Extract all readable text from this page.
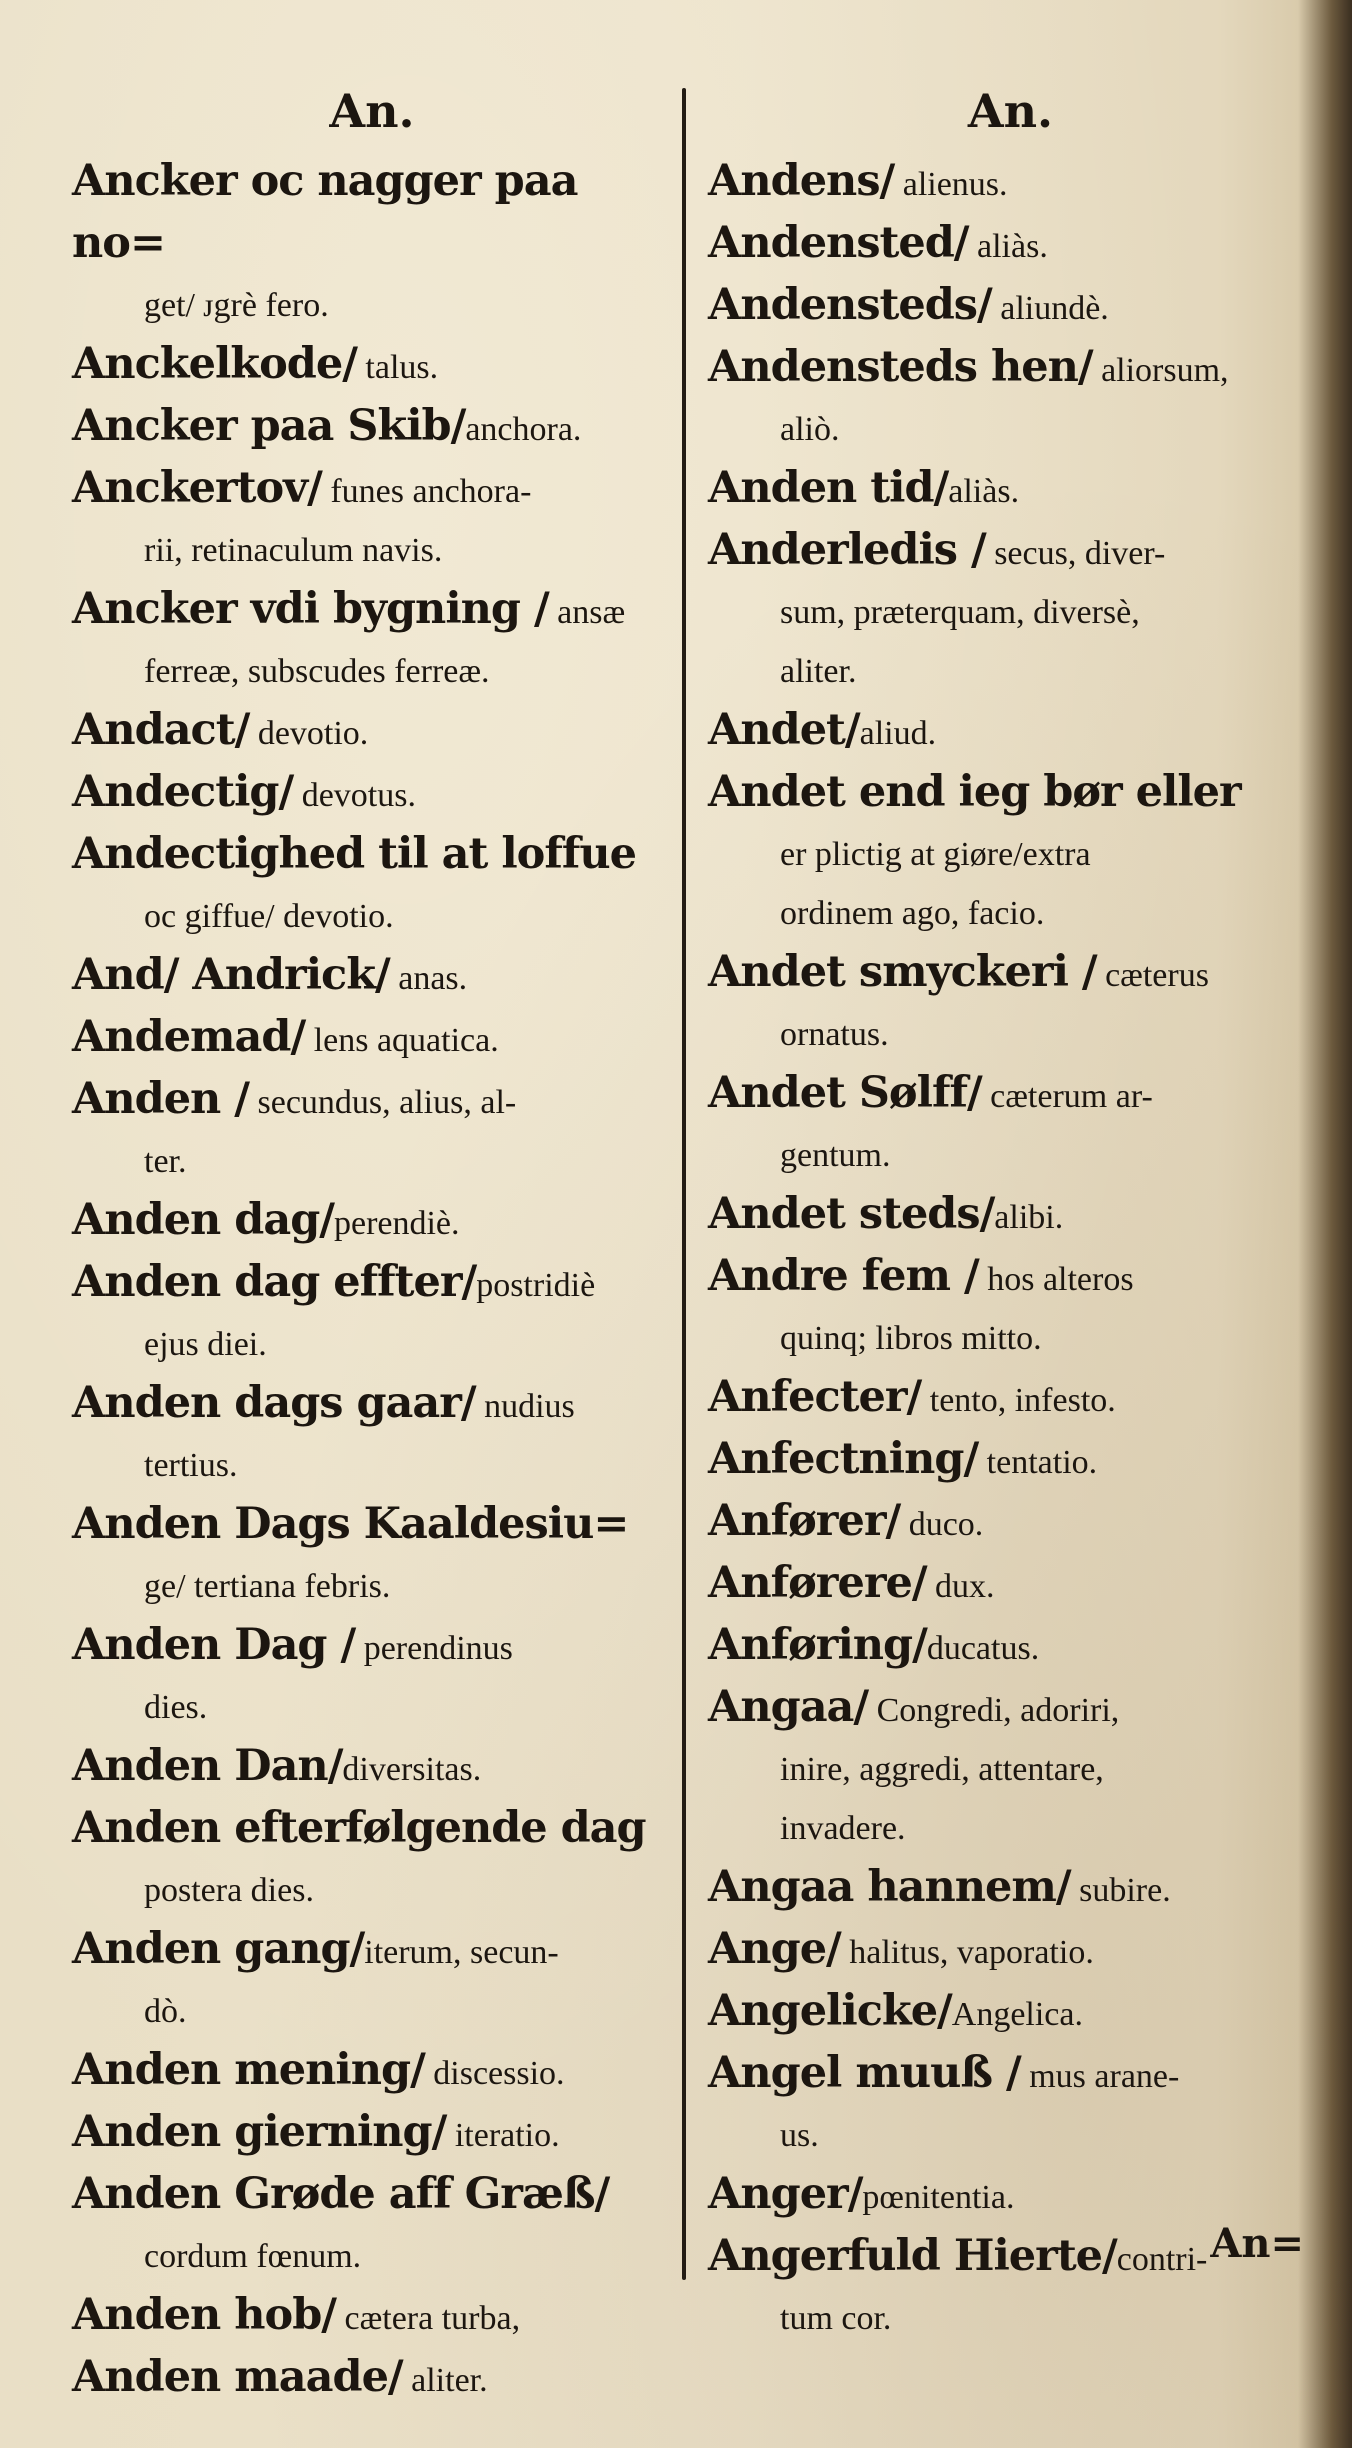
An.

Ancker oc nagger paa no=
get/ ᴊgrè fero.

Anckelkode/ talus.

Ancker paa Skib/anchora.

Anckertov/ funes anchora-
rii, retinaculum navis.

Ancker vdi bygning / ansæ
ferreæ, subscudes ferreæ.

Andact/ devotio.

Andectig/ devotus.

Andectighed til at loffue
oc giffue/ devotio.

And/ Andrick/ anas.

Andemad/ lens aquatica.

Anden / secundus, alius, al-
ter.

Anden dag/perendiè.

Anden dag effter/postridiè
ejus diei.

Anden dags gaar/ nudius
tertius.

Anden Dags Kaaldesiu=
ge/ tertiana febris.

Anden Dag / perendinus
dies.

Anden Dan/diversitas.

Anden efterfølgende dag
postera dies.

Anden gang/iterum, secun-
dò.

Anden mening/ discessio.

Anden gierning/ iteratio.

Anden Grøde aff Græß/
cordum fœnum.

Anden hob/ cætera turba,

Anden maade/ aliter.

An.

Andens/ alienus.

Andensted/ aliàs.

Andensteds/ aliundè.

Andensteds hen/ aliorsum,
aliò.

Anden tid/aliàs.

Anderledis / secus, diver-
sum, præterquam, diversè,
aliter.

Andet/aliud.

Andet end ieg bør eller
er plictig at giøre/extra
ordinem ago, facio.

Andet smyckeri / cæterus
ornatus.

Andet Sølff/ cæterum ar-
gentum.

Andet steds/alibi.

Andre fem / hos alteros
quinq; libros mitto.

Anfecter/ tento, infesto.

Anfectning/ tentatio.

Anfører/ duco.

Anførere/ dux.

Anføring/ducatus.

Angaa/ Congredi, adoriri,
inire, aggredi, attentare,
invadere.

Angaa hannem/ subire.

Ange/ halitus, vaporatio.

Angelicke/Angelica.

Angel muuß / mus arane-
us.

Anger/pœnitentia.

Angerfuld Hierte/contri-
tum cor.

An=
